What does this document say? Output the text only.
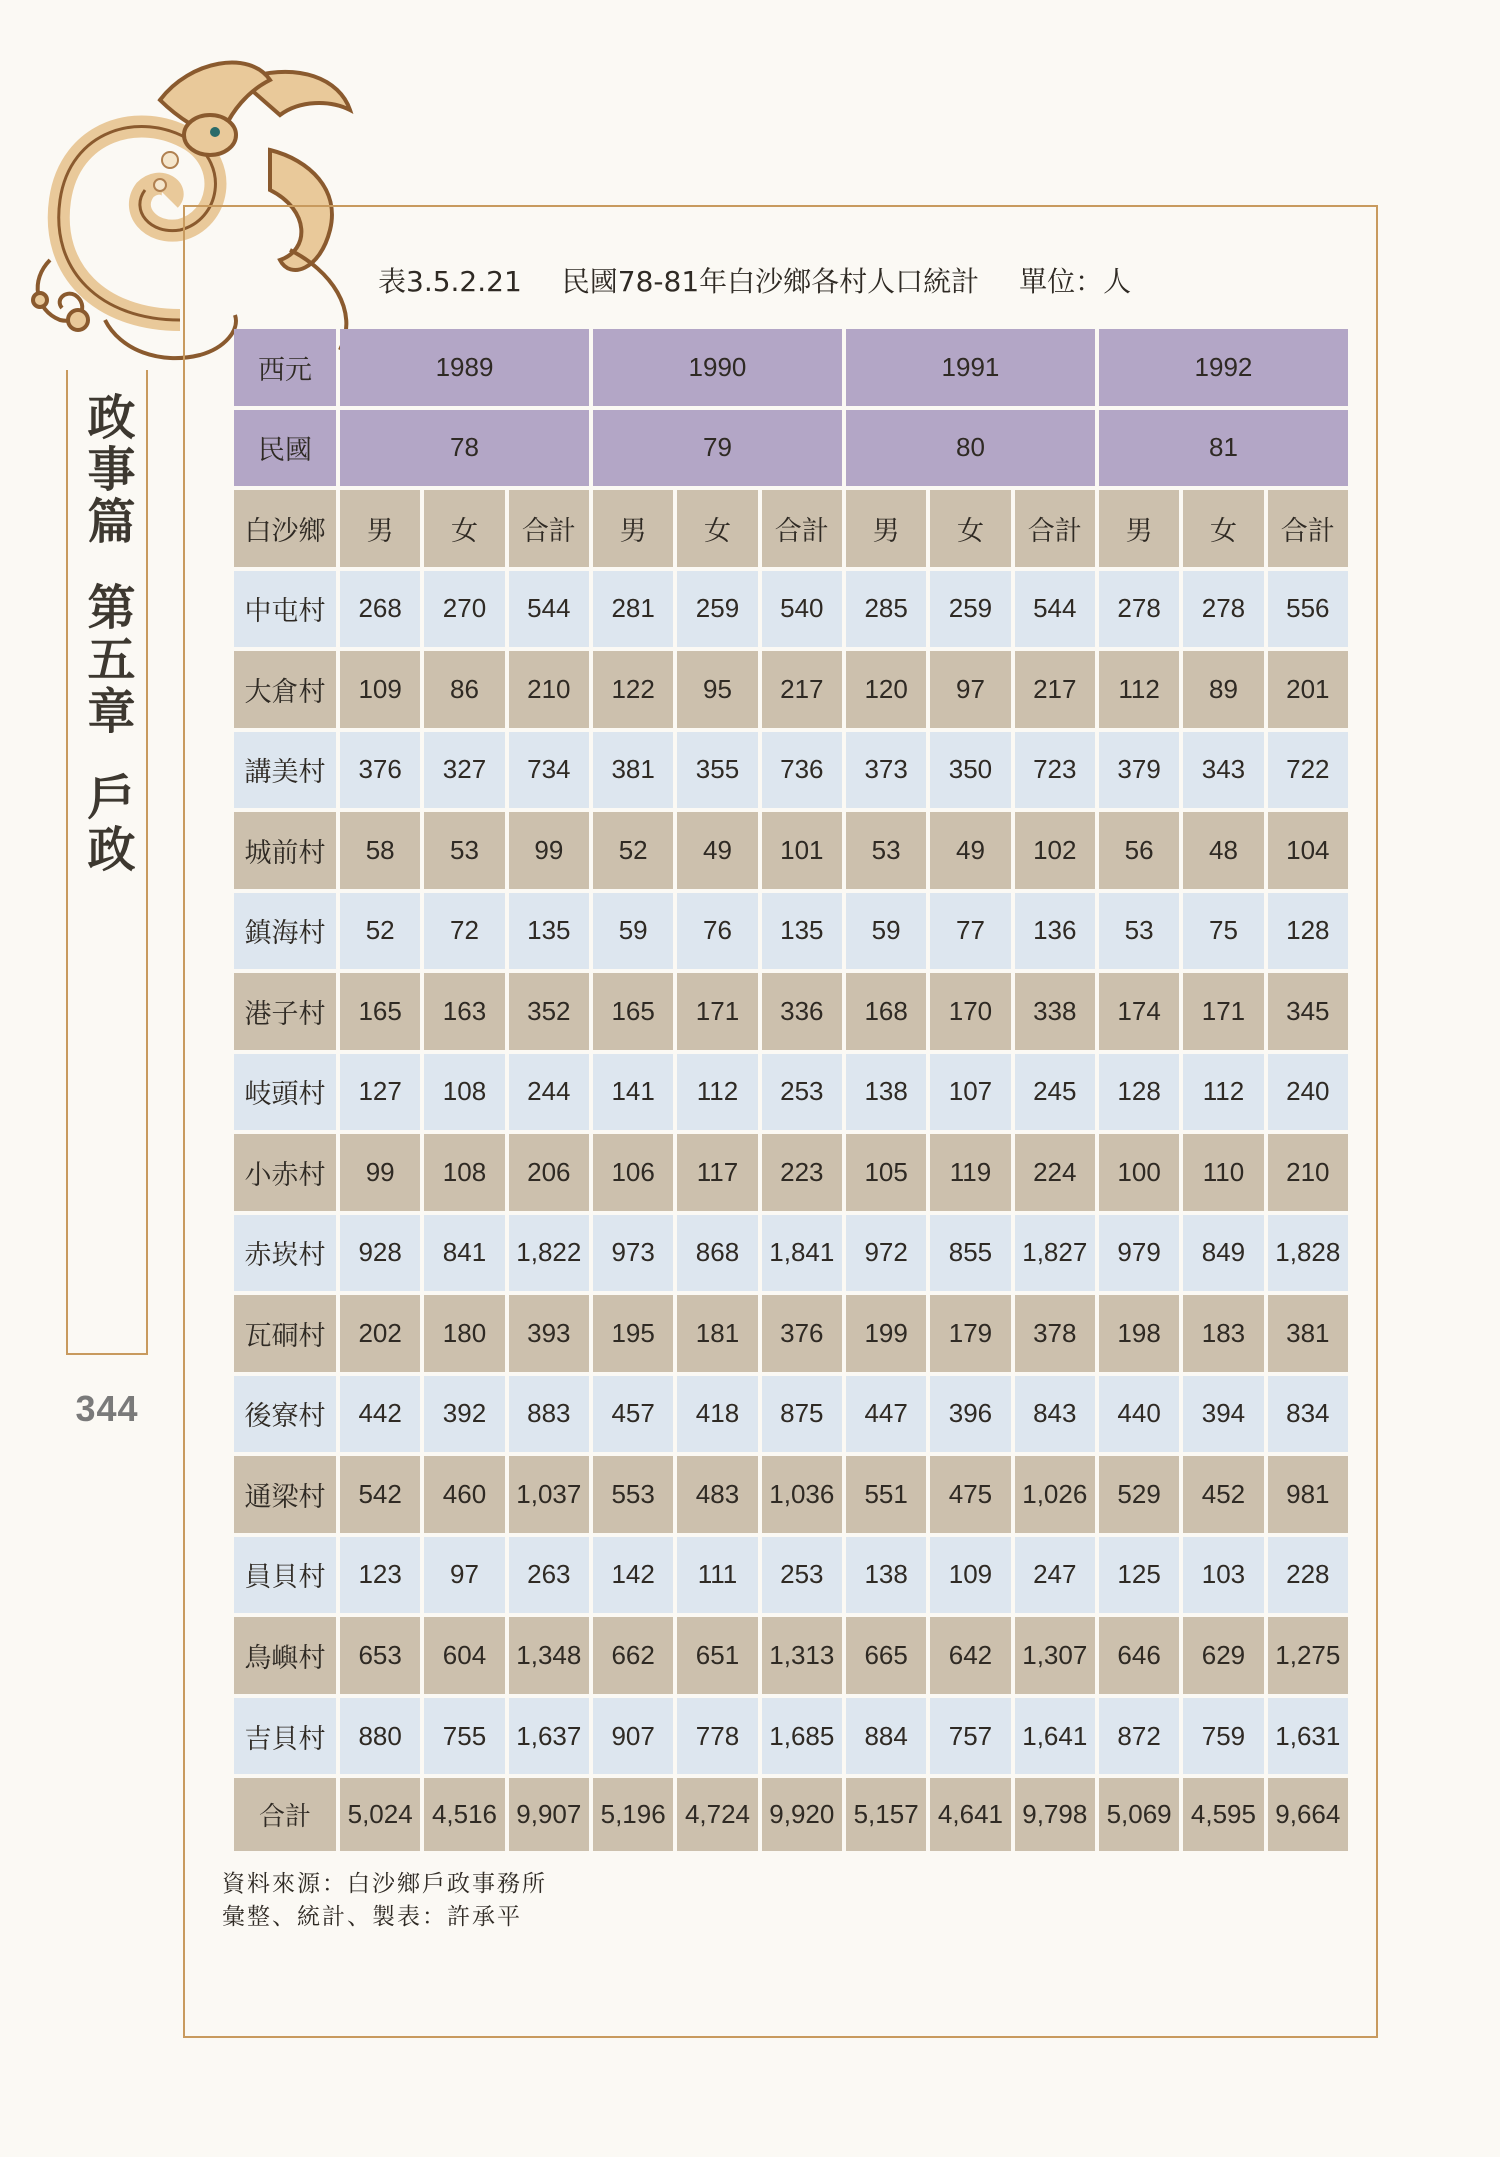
政事篇
第五章
戶政
344
表3.5.2.21 民國78-81年白沙鄉各村人口統計 單位：人
西元	1989			1990			1991			1992		
民國	78			79			80			81		
白沙鄉	男	女	合計	男	女	合計	男	女	合計	男	女	合計
中屯村	268	270	544	281	259	540	285	259	544	278	278	556
大倉村	109	86	210	122	95	217	120	97	217	112	89	201
講美村	376	327	734	381	355	736	373	350	723	379	343	722
城前村	58	53	99	52	49	101	53	49	102	56	48	104
鎮海村	52	72	135	59	76	135	59	77	136	53	75	128
港子村	165	163	352	165	171	336	168	170	338	174	171	345
岐頭村	127	108	244	141	112	253	138	107	245	128	112	240
小赤村	99	108	206	106	117	223	105	119	224	100	110	210
赤崁村	928	841	1,822	973	868	1,841	972	855	1,827	979	849	1,828
瓦硐村	202	180	393	195	181	376	199	179	378	198	183	381
後寮村	442	392	883	457	418	875	447	396	843	440	394	834
通梁村	542	460	1,037	553	483	1,036	551	475	1,026	529	452	981
員貝村	123	97	263	142	111	253	138	109	247	125	103	228
鳥嶼村	653	604	1,348	662	651	1,313	665	642	1,307	646	629	1,275
吉貝村	880	755	1,637	907	778	1,685	884	757	1,641	872	759	1,631
合計	5,024	4,516	9,907	5,196	4,724	9,920	5,157	4,641	9,798	5,069	4,595	9,664
資料來源：白沙鄉戶政事務所
彙整、統計、製表：許承平
